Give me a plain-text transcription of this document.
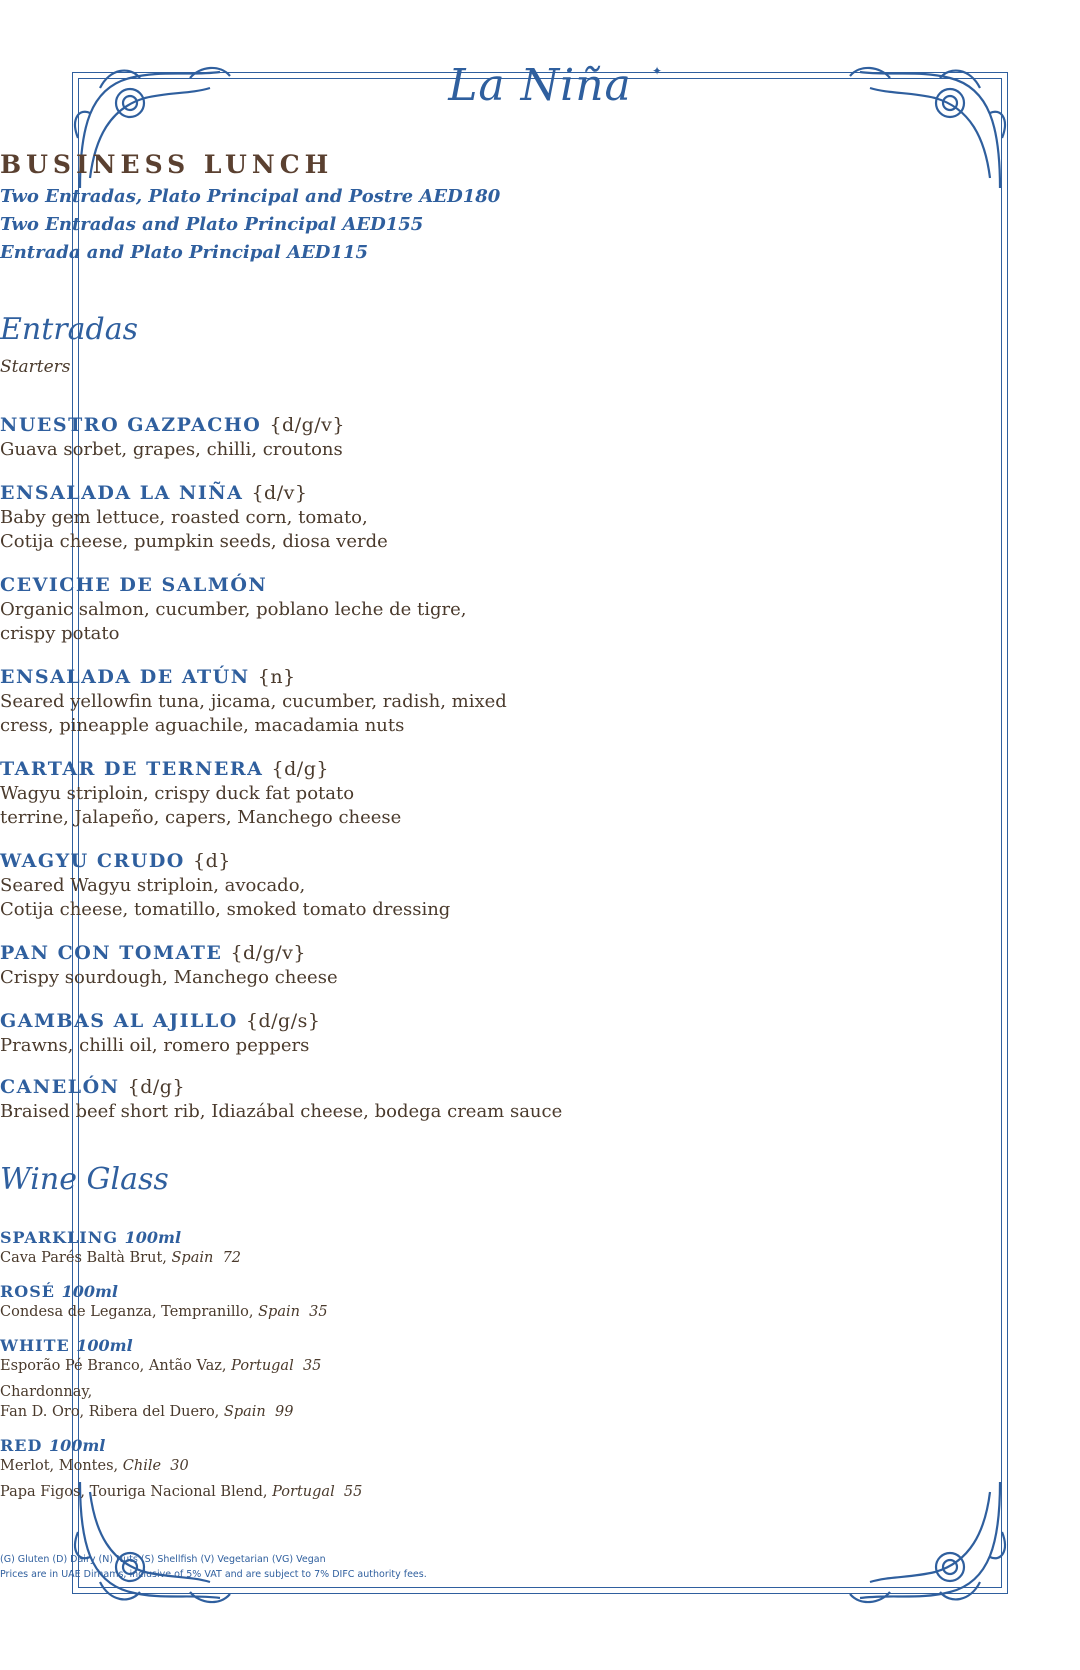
La Niña	✦
BUSINESS LUNCH
Two Entradas, Plato Principal and Postre AED180
Two Entradas and Plato Principal AED155
Entrada and Plato Principal AED115
Entradas
Starters
NUESTRO GAZPACHO {d/g/v}
Guava sorbet, grapes, chilli, croutons
ENSALADA LA NIÑA {d/v}
Baby gem lettuce, roasted corn, tomato,
Cotija cheese, pumpkin seeds, diosa verde
CEVICHE DE SALMÓN
Organic salmon, cucumber, poblano leche de tigre,
crispy potato
ENSALADA DE ATÚN {n}
Seared yellowfin tuna, jicama, cucumber, radish, mixed
cress, pineapple aguachile, macadamia nuts
TARTAR DE TERNERA {d/g}
Wagyu striploin, crispy duck fat potato
terrine, Jalapeño, capers, Manchego cheese
WAGYU CRUDO {d}
Seared Wagyu striploin, avocado,
Cotija cheese, tomatillo, smoked tomato dressing
PAN CON TOMATE {d/g/v}
Crispy sourdough, Manchego cheese
GAMBAS AL AJILLO {d/g/s}
Prawns, chilli oil, romero peppers
CANELÓN {d/g}
Braised beef short rib, Idiazábal cheese, bodega cream sauce
Wine Glass
SPARKLING 100ml
Cava Parés Baltà Brut, Spain 72
ROSÉ 100ml
Condesa de Leganza, Tempranillo, Spain 35
WHITE 100ml
Esporão Pé Branco, Antão Vaz, Portugal 35
Chardonnay,
Fan D. Oro, Ribera del Duero, Spain 99
RED 100ml
Merlot, Montes, Chile 30
Papa Figos, Touriga Nacional Blend, Portugal 55
(G) Gluten (D) Dairy (N) Nuts (S) Shellfish (V) Vegetarian (VG) Vegan
Prices are in UAE Dirhams, inclusive of 5% VAT and are subject to 7% DIFC authority fees.
